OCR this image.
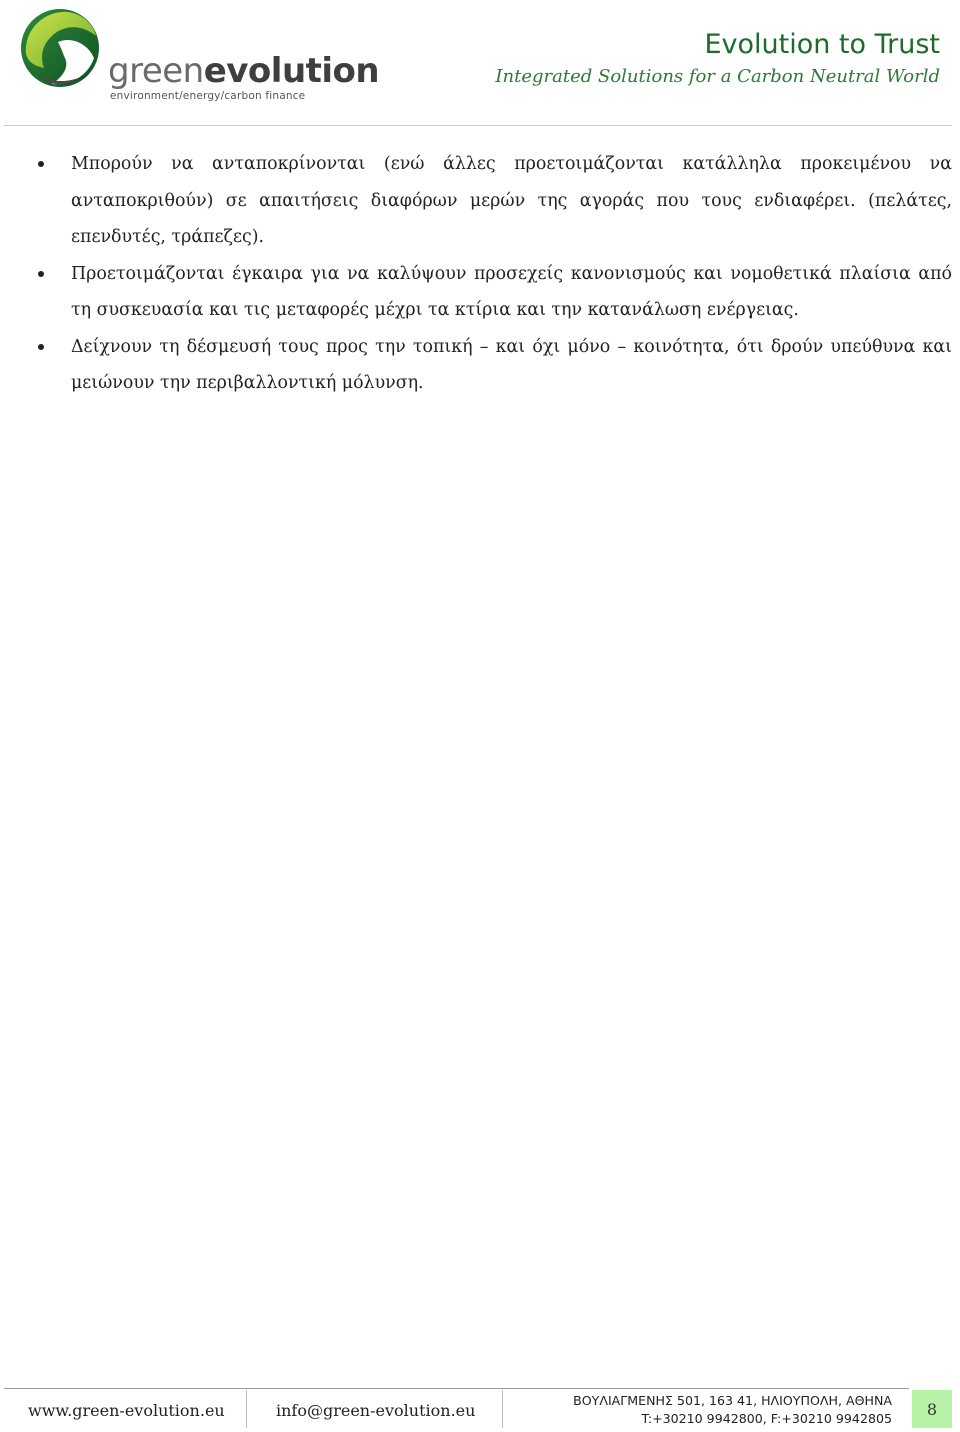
greenevolution
environment/energy/carbon finance
Evolution to Trust
Integrated Solutions for a Carbon Neutral World
Μπορούν να ανταποκρίνονται (ενώ άλλες προετοιμάζονται κατάλληλα προκειμένου να ανταποκριθούν) σε απαιτήσεις διαφόρων μερών της αγοράς που τους ενδιαφέρει. (πελάτες, επενδυτές, τράπεζες).
Προετοιμάζονται έγκαιρα για να καλύψουν προσεχείς κανονισμούς και νομοθετικά πλαίσια από τη συσκευασία και τις μεταφορές μέχρι τα κτίρια και την κατανάλωση ενέργειας.
Δείχνουν τη δέσμευσή τους προς την τοπική – και όχι μόνο – κοινότητα, ότι δρούν υπεύθυνα και μειώνουν την περιβαλλοντική μόλυνση.
www.green-evolution.eu	info@green-evolution.eu	ΒΟΥΛΙΑΓΜΕΝΗΣ 501, 163 41, ΗΛΙΟΥΠΟΛΗ, ΑΘΗΝΑ
T:+30210 9942800, F:+30210 9942805	8
